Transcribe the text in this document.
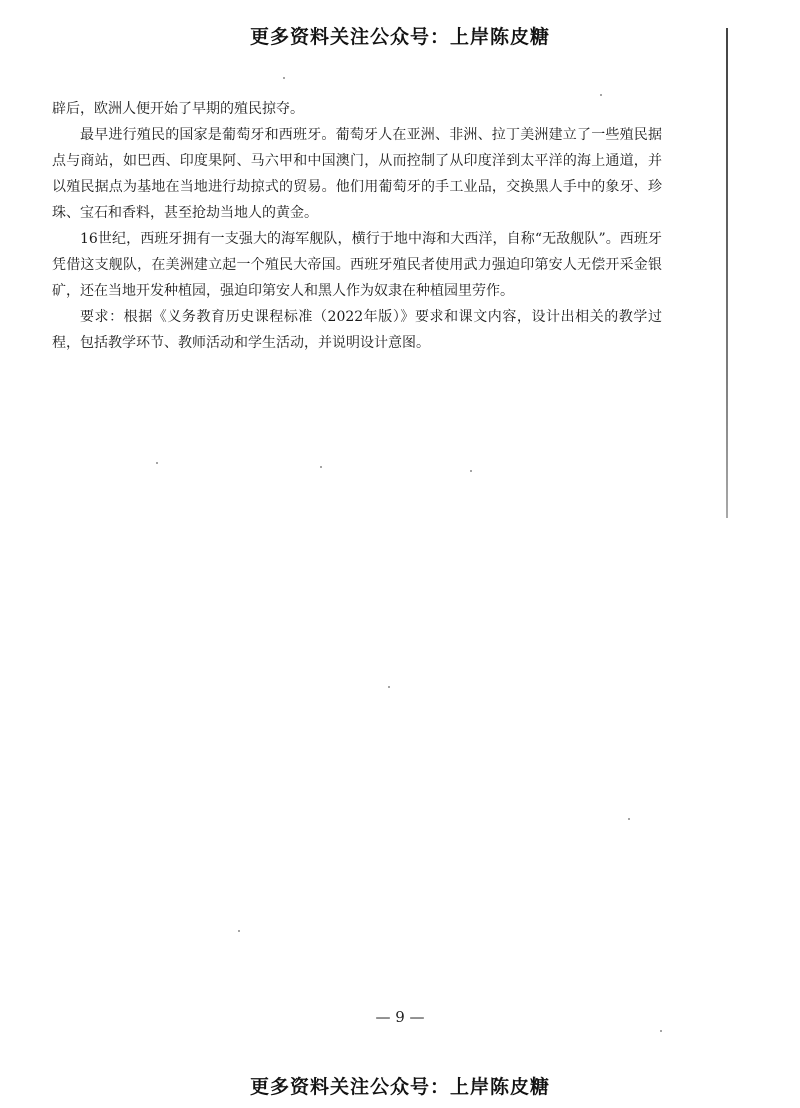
更多资料关注公众号：上岸陈皮糖

辟后，欧洲人便开始了早期的殖民掠夺。

最早进行殖民的国家是葡萄牙和西班牙。葡萄牙人在亚洲、非洲、拉丁美洲建立了一些殖民据点与商站，如巴西、印度果阿、马六甲和中国澳门，从而控制了从印度洋到太平洋的海上通道，并以殖民据点为基地在当地进行劫掠式的贸易。他们用葡萄牙的手工业品，交换黑人手中的象牙、珍珠、宝石和香料，甚至抢劫当地人的黄金。

16世纪，西班牙拥有一支强大的海军舰队，横行于地中海和大西洋，自称“无敌舰队”。西班牙凭借这支舰队，在美洲建立起一个殖民大帝国。西班牙殖民者使用武力强迫印第安人无偿开采金银矿，还在当地开发种植园，强迫印第安人和黑人作为奴隶在种植园里劳作。

要求：根据《义务教育历史课程标准（2022年版）》要求和课文内容，设计出相关的教学过程，包括教学环节、教师活动和学生活动，并说明设计意图。

— 9 —
更多资料关注公众号：上岸陈皮糖
